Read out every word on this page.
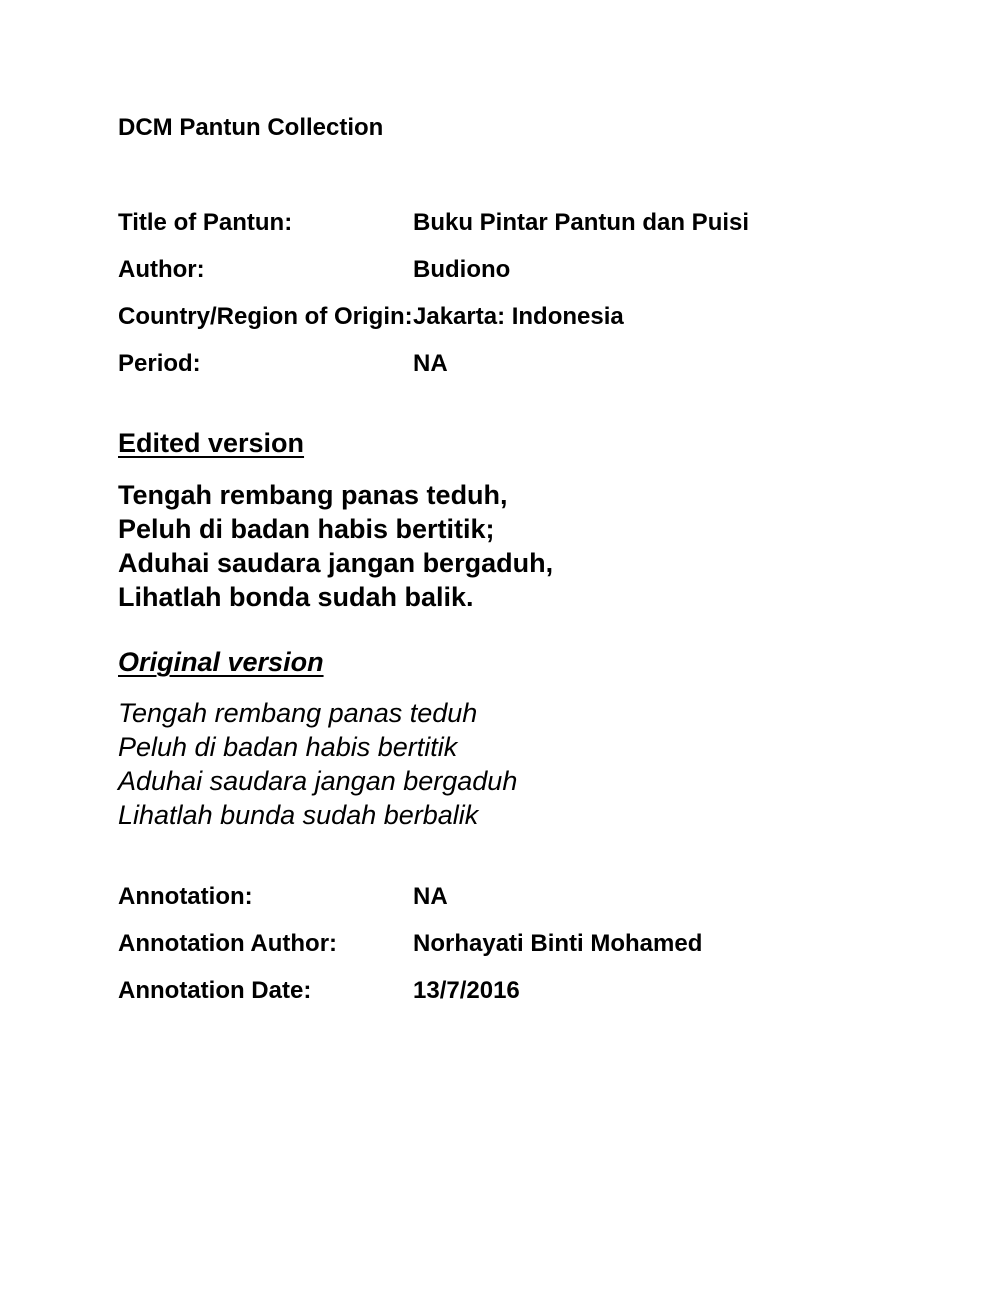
DCM Pantun Collection
Title of Pantun:	Buku Pintar Pantun dan Puisi
Author:	Budiono
Country/Region of Origin: Jakarta: Indonesia
Period:	NA
Edited version
Tengah rembang panas teduh,
Peluh di badan habis bertitik;
Aduhai saudara jangan bergaduh,
Lihatlah bonda sudah balik.
Original version
Tengah rembang panas teduh
Peluh di badan habis bertitik
Aduhai saudara jangan bergaduh
Lihatlah bunda sudah berbalik
Annotation:	NA
Annotation Author:	Norhayati Binti Mohamed
Annotation Date:	13/7/2016
